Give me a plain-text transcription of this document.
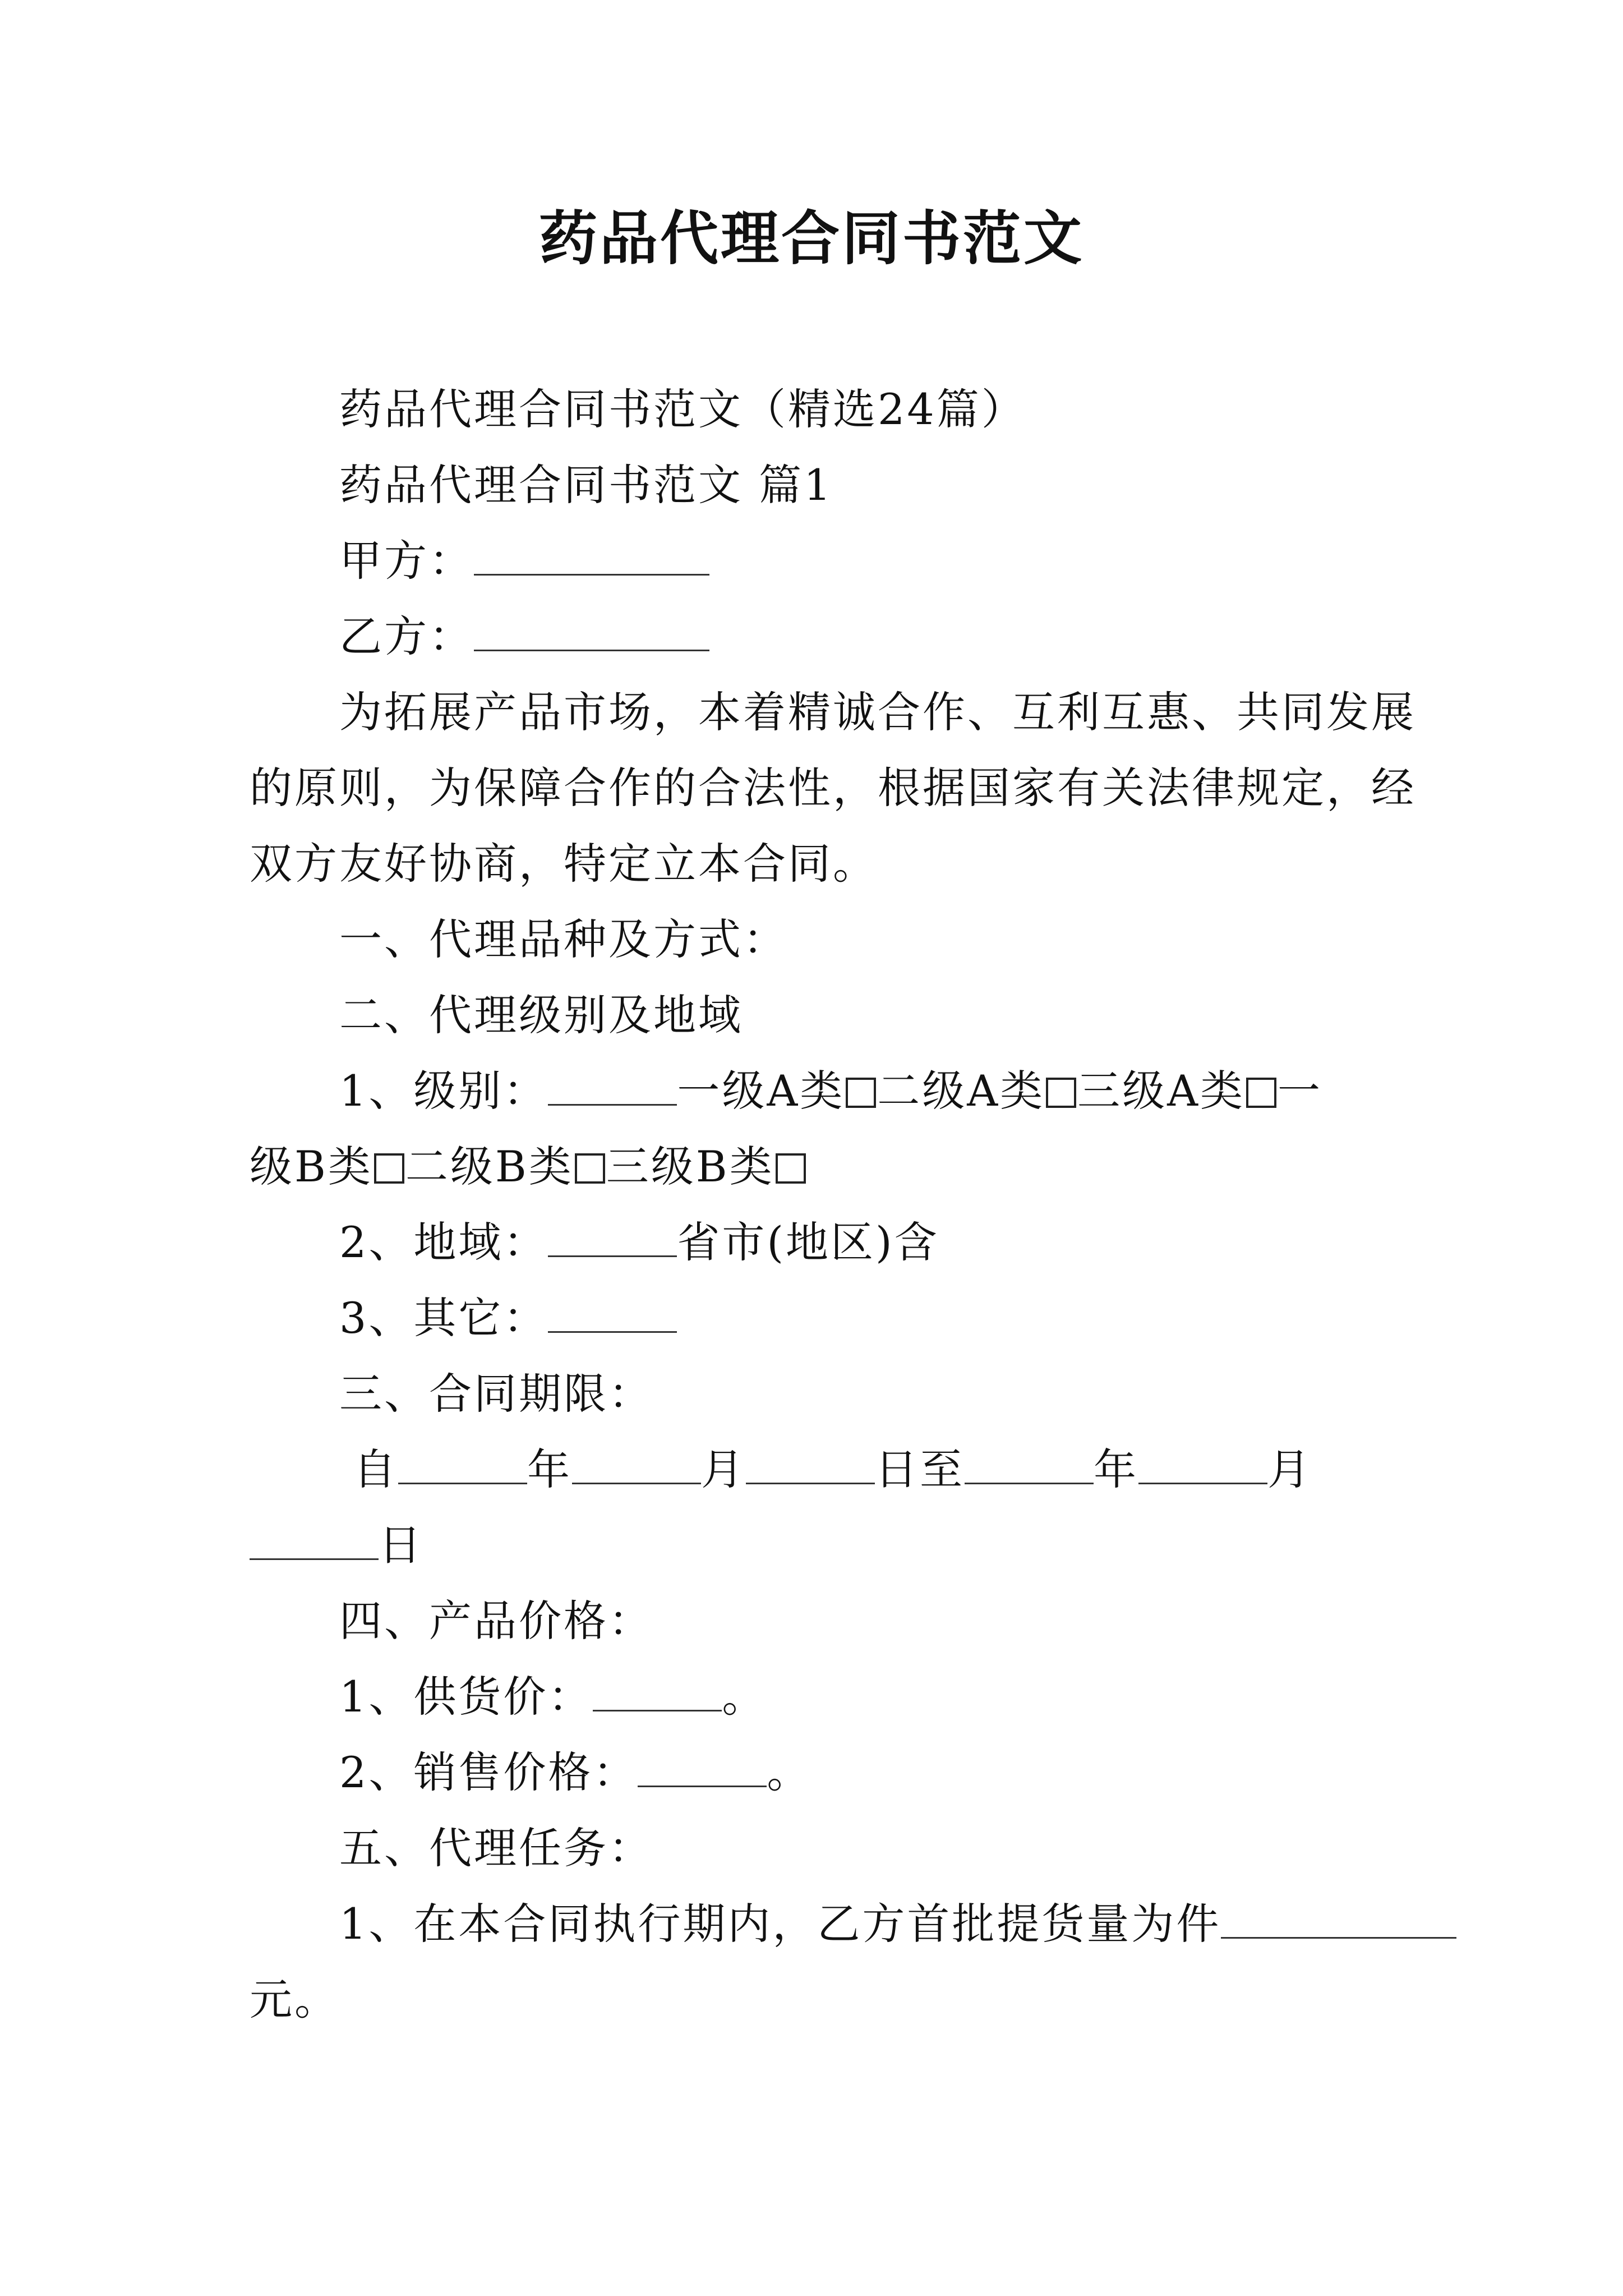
药品代理合同书范文
药品代理合同书范文（精选24篇）
药品代理合同书范文 篇1
甲方：
乙方：
为拓展产品市场，本着精诚合作、互利互惠、共同发展
的原则，为保障合作的合法性，根据国家有关法律规定，经
双方友好协商，特定立本合同。
一、代理品种及方式：
二、代理级别及地域
1、级别：	一级A类 二级A类 三级A类 一
级B类 二级B类 三级B类
2、地域：	省市(地区)含
3、其它：
三、合同期限：
自	年	月	日至	年	月
日
四、产品价格：
1、供货价：	。
2、销售价格：	。
五、代理任务：
1、在本合同执行期内，乙方首批提货量为件
元。
